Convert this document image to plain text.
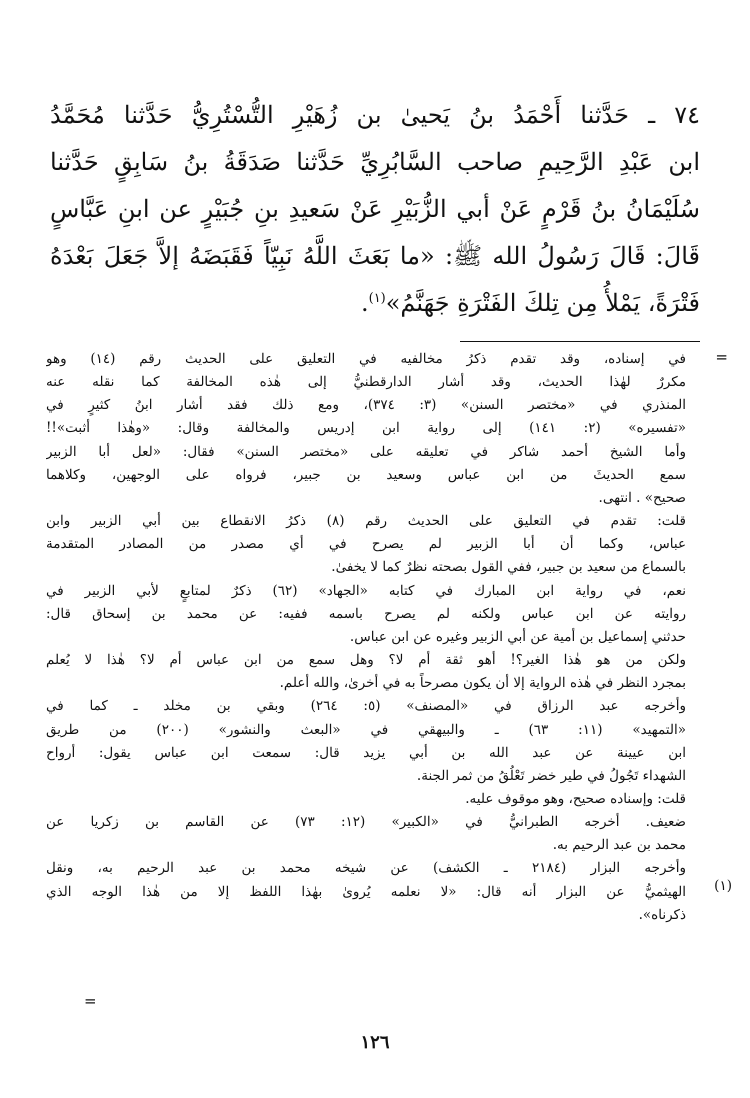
٧٤ ـ حَدَّثنا أَحْمَدُ بنُ يَحيىٰ بن زُهَيْرِ التُّسْتُرِيُّ حَدَّثنا مُحَمَّدُ

ابن عَبْدِ الرَّحِيمِ صاحب السَّابُرِيِّ حَدَّثنا صَدَقَةُ بنُ سَابِقٍ حَدَّثنا

سُلَيْمَانُ بنُ قَرْمٍ عَنْ أبي الزُّبَيْرِ عَنْ سَعيدِ بنِ جُبَيْرٍ عن ابنِ عَبَّاسٍ

قَالَ: قَالَ رَسُولُ الله ﷺ: «ما بَعَثَ اللَّهُ نَبِيّاً فَقَبَضَهُ إلاَّ جَعَلَ بَعْدَهُ

فَتْرَةً، يَمْلأُ مِن تِلكَ الفَتْرَةِ جَهَنَّمُ»$^{(١)}$.

=

في إسناده، وقد تقدم ذكرُ مخالفيه في التعليق على الحديث رقم (١٤) وهو

مكررٌ لهٰذا الحديث، وقد أشار الدارقطنيُّ إلى هٰذه المخالفة كما نقله عنه

المنذري في «مختصر السنن» (٣: ٣٧٤)، ومع ذلك فقد أشار ابنُ كثيرٍ في

«تفسيره» (٢: ١٤١) إلى رواية ابن إدريس والمخالفة وقال: «وهٰذا أثبت»!!

وأما الشيخ أحمد شاكر في تعليقه على «مختصر السنن» فقال: «لعل أبا الزبير

سمع الحديثَ من ابن عباس وسعيد بن جبير، فرواه على الوجهين، وكلاهما

صحيح» . انتهى.

قلت: تقدم في التعليق على الحديث رقم (٨) ذكرُ الانقطاع بين أبي الزبير وابن

عباس، وكما أن أبا الزبير لم يصرح في أي مصدر من المصادر المتقدمة

بالسماع من سعيد بن جبير، ففي القول بصحته نظرٌ كما لا يخفىٰ.

نعم، في رواية ابن المبارك في كتابه «الجهاد» (٦٢) ذكرٌ لمتابعٍ لأبي الزبير في

روايته عن ابن عباس ولكنه لم يصرح باسمه ففيه: عن محمد بن إسحاق قال:

حدثني إسماعيل بن أمية عن أبي الزبير وغيره عن ابن عباس.

ولكن من هو هٰذا الغير؟! أهو ثقة أم لا؟ وهل سمع من ابن عباس أم لا؟ هٰذا لا يُعلم

بمجرد النظر في هٰذه الرواية إلا أن يكون مصرحاً به في أخرىٰ، والله أعلم.

وأخرجه عبد الرزاق في «المصنف» (٥: ٢٦٤) وبقي بن مخلد ـ كما في

«التمهيد» (١١: ٦٣) ـ والبيهقي في «البعث والنشور» (٢٠٠) من طريق

ابن عيينة عن عبد الله بن أبي يزيد قال: سمعت ابن عباس يقول: أرواح

الشهداء تَجُولُ في طير خضر تَعْلُقُ من ثمر الجنة.

قلت: وإسناده صحيح، وهو موقوف عليه.

ضعيف. أخرجه الطبرانيُّ في «الكبير» (١٢: ٧٣) عن القاسم بن زكريا عن

محمد بن عبد الرحيم به.

وأخرجه البزار (٢١٨٤ ـ الكشف) عن شيخه محمد بن عبد الرحيم به، ونقل

الهيثميُّ عن البزار أنه قال: «لا نعلمه يُروىٰ بهٰذا اللفظ إلا من هٰذا الوجه الذي

ذكرناه».

(١)
=
١٢٦
